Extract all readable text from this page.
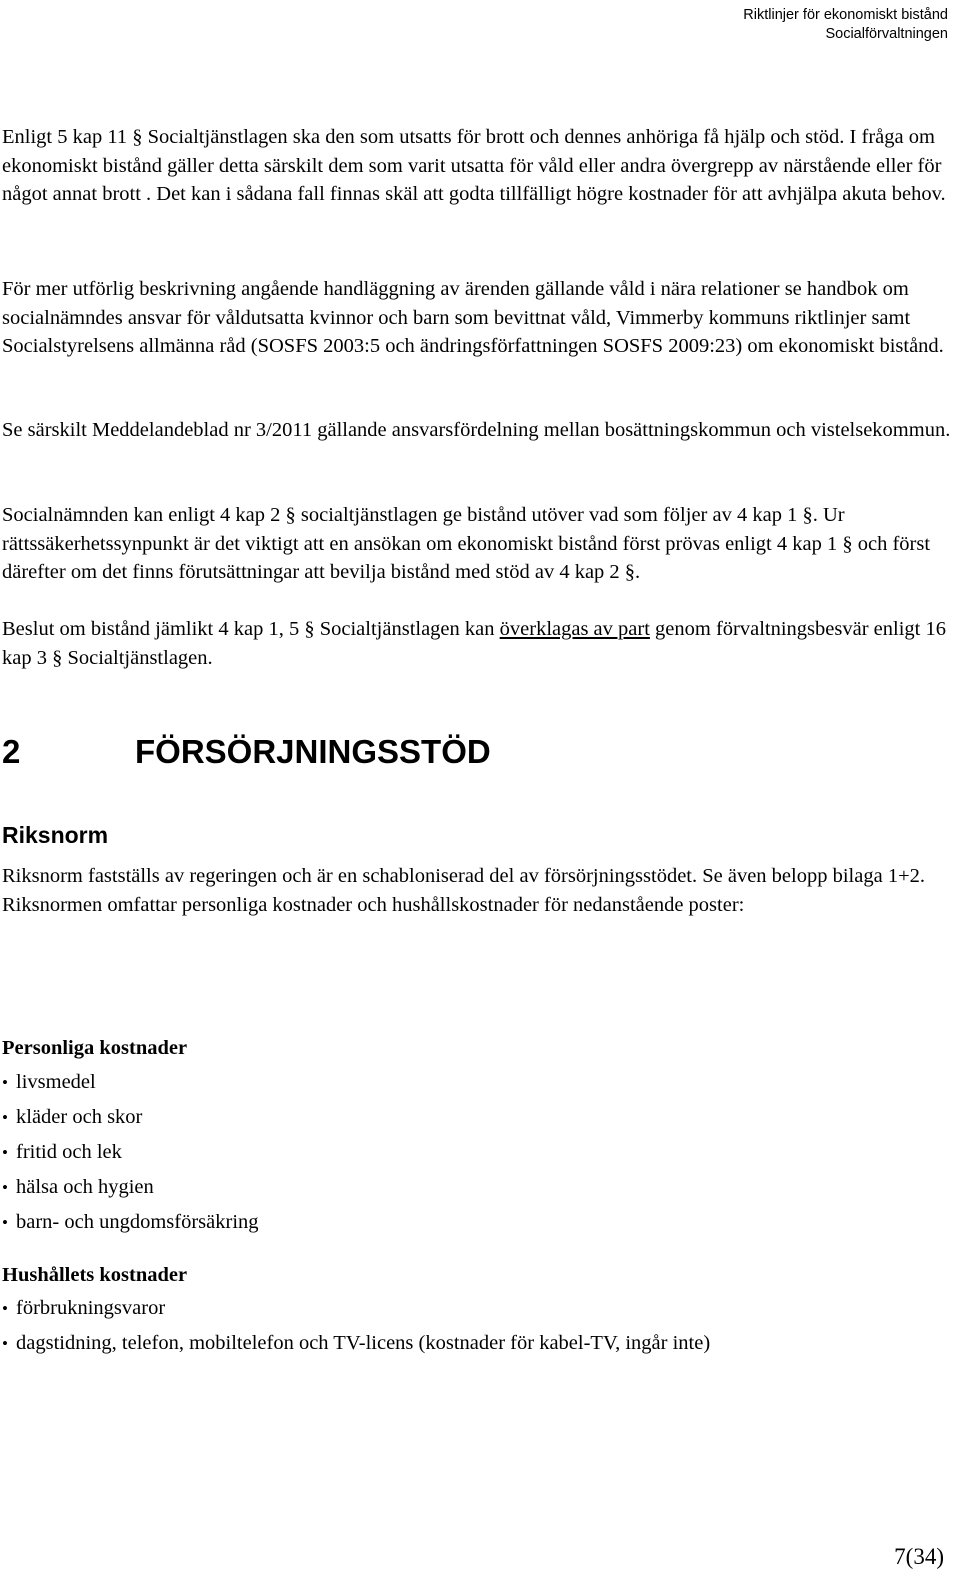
Riktlinjer för ekonomiskt bistånd
Socialförvaltningen

Enligt 5 kap 11 § Socialtjänstlagen ska den som utsatts för brott och dennes anhöriga få hjälp och stöd. I fråga om ekonomiskt bistånd gäller detta särskilt dem som varit utsatta för våld eller andra övergrepp av närstående eller för något annat brott . Det kan i sådana fall finnas skäl att godta tillfälligt högre kostnader för att avhjälpa akuta behov.

För mer utförlig beskrivning angående handläggning av ärenden gällande våld i nära relationer se handbok om socialnämndes ansvar för våldutsatta kvinnor och barn som bevittnat våld, Vimmerby kommuns riktlinjer samt Socialstyrelsens allmänna råd (SOSFS 2003:5 och ändringsförfattningen SOSFS 2009:23) om ekonomiskt bistånd.

Se särskilt Meddelandeblad nr 3/2011 gällande ansvarsfördelning mellan bosättningskommun och vistelsekommun.

Socialnämnden kan enligt 4 kap 2 § socialtjänstlagen ge bistånd utöver vad som följer av 4 kap 1 §. Ur rättssäkerhetssynpunkt är det viktigt att en ansökan om ekonomiskt bistånd först prövas enligt 4 kap 1 § och först därefter om det finns förutsättningar att bevilja bistånd med stöd av 4 kap 2 §.

Beslut om bistånd jämlikt 4 kap 1, 5 § Socialtjänstlagen kan överklagas av part genom förvaltningsbesvär enligt 16 kap 3 § Socialtjänstlagen.

2	FÖRSÖRJNINGSSTÖD
Riksnorm

Riksnorm fastställs av regeringen och är en schabloniserad del av försörjningsstödet. Se även belopp bilaga 1+2. Riksnormen omfattar personliga kostnader och hushållskostnader för nedanstående poster:

Personliga kostnader

• livsmedel
• kläder och skor
• fritid och lek
• hälsa och hygien
• barn- och ungdomsförsäkring

Hushållets kostnader

• förbrukningsvaror
• dagstidning, telefon, mobiltelefon och TV-licens (kostnader för kabel-TV, ingår inte)
7(34)
